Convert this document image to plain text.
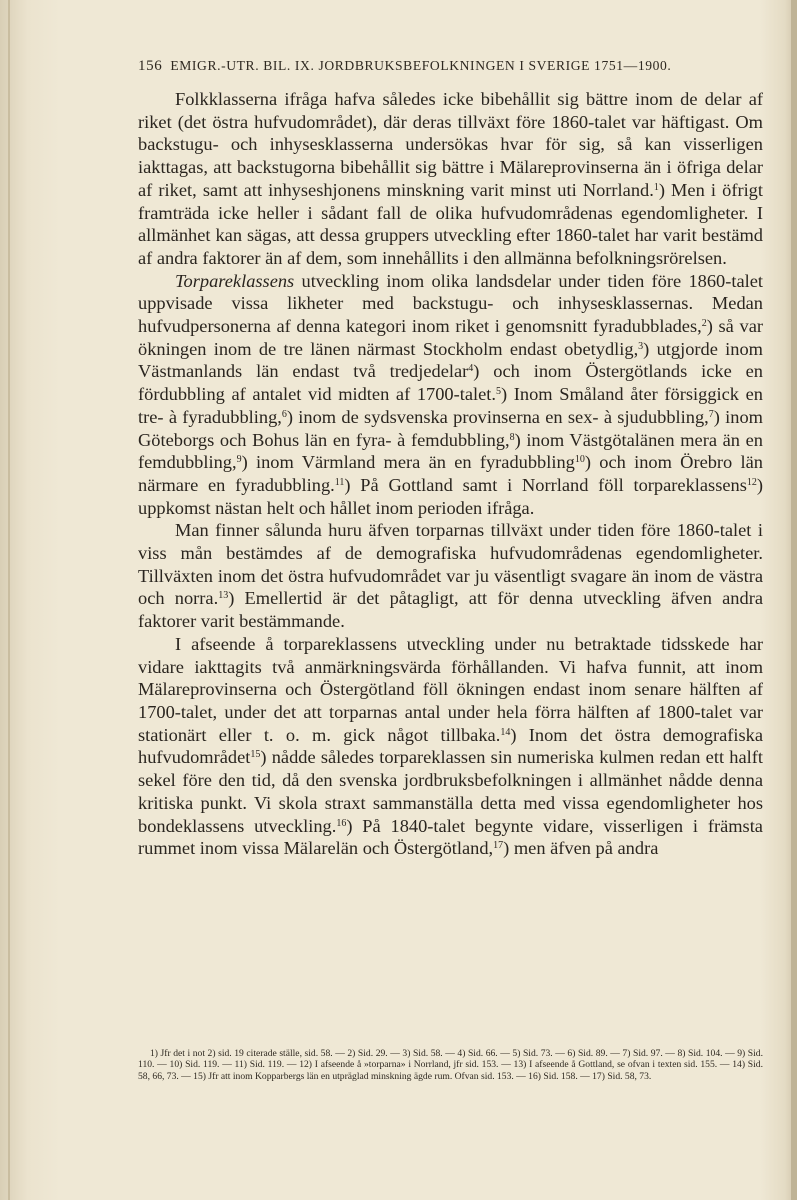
156 EMIGR.-UTR. BIL. IX. JORDBRUKSBEFOLKNINGEN I SVERIGE 1751—1900.

Folkklasserna ifråga hafva således icke bibehållit sig bättre inom de delar af riket (det östra hufvudområdet), där deras tillväxt före 1860-talet var häftigast. Om backstugu- och inhysesklasserna undersökas hvar för sig, så kan visserligen iakttagas, att backstugorna bibehållit sig bättre i Mälareprovinserna än i öfriga delar af riket, samt att inhyseshjonens minskning varit minst uti Norrland.$^1$) Men i öfrigt framträda icke heller i sådant fall de olika hufvudområdenas egendomligheter. I allmänhet kan sägas, att dessa gruppers utveckling efter 1860-talet har varit bestämd af andra faktorer än af dem, som innehållits i den allmänna befolkningsrörelsen.

Torpareklassens utveckling inom olika landsdelar under tiden före 1860-talet uppvisade vissa likheter med backstugu- och inhysesklassernas. Medan hufvudpersonerna af denna kategori inom riket i genomsnitt fyradubblades,$^2$) så var ökningen inom de tre länen närmast Stockholm endast obetydlig,$^3$) utgjorde inom Västmanlands län endast två tredjedelar$^4$) och inom Östergötlands icke en fördubbling af antalet vid midten af 1700-talet.$^5$) Inom Småland åter försiggick en tre- à fyradubbling,$^6$) inom de sydsvenska provinserna en sex- à sjudubbling,$^7$) inom Göteborgs och Bohus län en fyra- à femdubbling,$^8$) inom Västgötalänen mera än en femdubbling,$^9$) inom Värmland mera än en fyradubbling$^{10}$) och inom Örebro län närmare en fyradubbling.$^{11}$) På Gottland samt i Norrland föll torpareklassens$^{12}$) uppkomst nästan helt och hållet inom perioden ifråga.

Man finner sålunda huru äfven torparnas tillväxt under tiden före 1860-talet i viss mån bestämdes af de demografiska hufvudområdenas egendomligheter. Tillväxten inom det östra hufvudområdet var ju väsentligt svagare än inom de västra och norra.$^{13}$) Emellertid är det påtagligt, att för denna utveckling äfven andra faktorer varit bestämmande.

I afseende å torpareklassens utveckling under nu betraktade tidsskede har vidare iakttagits två anmärkningsvärda förhållanden. Vi hafva funnit, att inom Mälareprovinserna och Östergötland föll ökningen endast inom senare hälften af 1700-talet, under det att torparnas antal under hela förra hälften af 1800-talet var stationärt eller t. o. m. gick något tillbaka.$^{14}$) Inom det östra demografiska hufvudområdet$^{15}$) nådde således torpareklassen sin numeriska kulmen redan ett halft sekel före den tid, då den svenska jordbruksbefolkningen i allmänhet nådde denna kritiska punkt. Vi skola straxt sammanställa detta med vissa egendomligheter hos bondeklassens utveckling.$^{16}$) På 1840-talet begynte vidare, visserligen i främsta rummet inom vissa Mälarelän och Östergötland,$^{17}$) men äfven på andra

1) Jfr det i not 2) sid. 19 citerade ställe, sid. 58. — 2) Sid. 29. — 3) Sid. 58. — 4) Sid. 66. — 5) Sid. 73. — 6) Sid. 89. — 7) Sid. 97. — 8) Sid. 104. — 9) Sid. 110. — 10) Sid. 119. — 11) Sid. 119. — 12) I afseende å »torparna» i Norrland, jfr sid. 153. — 13) I afseende å Gottland, se ofvan i texten sid. 155. — 14) Sid. 58, 66, 73. — 15) Jfr att inom Kopparbergs län en utpräglad minskning ägde rum. Ofvan sid. 153. — 16) Sid. 158. — 17) Sid. 58, 73.
